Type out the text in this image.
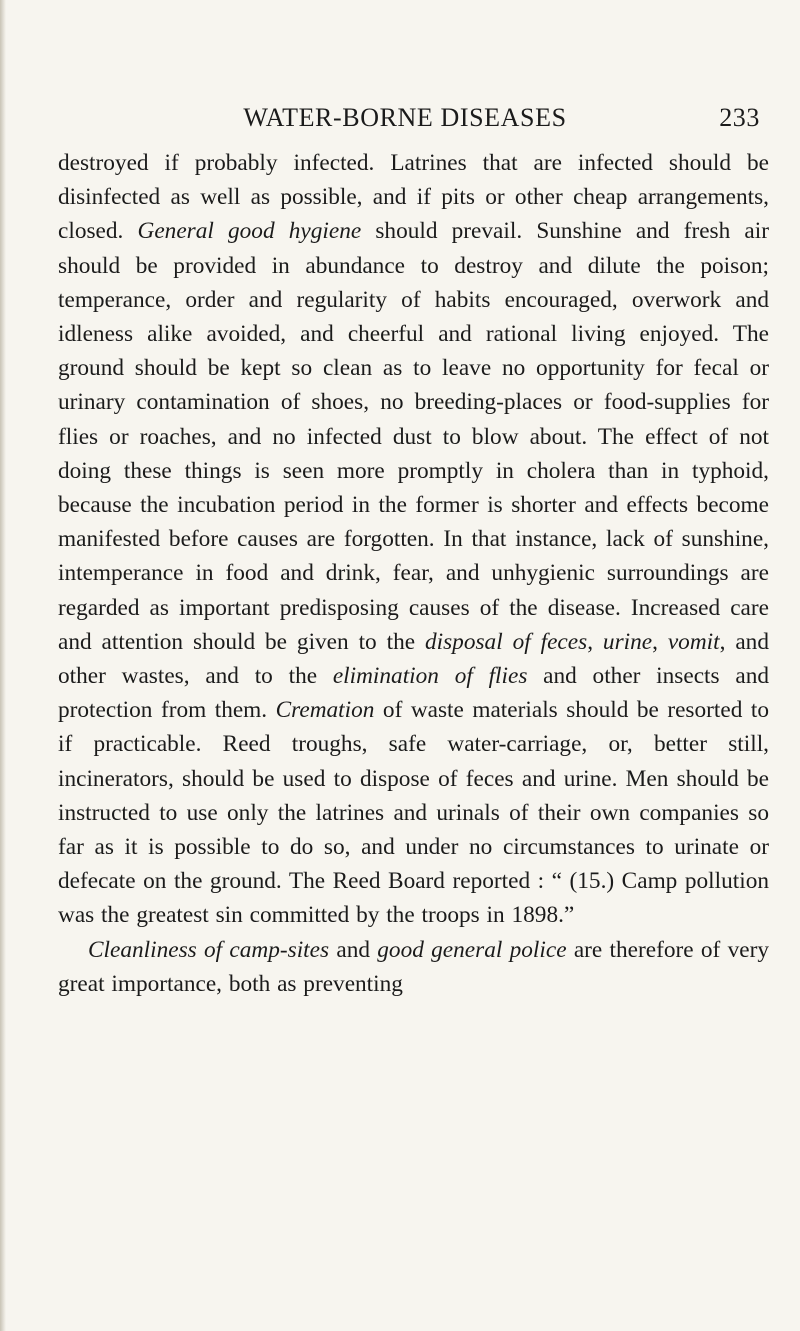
WATER-BORNE DISEASES	233

destroyed if probably infected. Latrines that are infected should be disinfected as well as possible, and if pits or other cheap arrangements, closed. General good hygiene should prevail. Sunshine and fresh air should be provided in abundance to destroy and dilute the poison; temperance, order and regularity of habits encouraged, overwork and idleness alike avoided, and cheerful and rational living enjoyed. The ground should be kept so clean as to leave no opportunity for fecal or urinary contamination of shoes, no breeding-places or food-supplies for flies or roaches, and no infected dust to blow about. The effect of not doing these things is seen more promptly in cholera than in typhoid, because the incubation period in the former is shorter and effects become manifested before causes are forgotten. In that instance, lack of sunshine, intemperance in food and drink, fear, and unhygienic surroundings are regarded as important predisposing causes of the disease. Increased care and attention should be given to the disposal of feces, urine, vomit, and other wastes, and to the elimination of flies and other insects and protection from them. Cremation of waste materials should be resorted to if practicable. Reed troughs, safe water-carriage, or, better still, incinerators, should be used to dispose of feces and urine. Men should be instructed to use only the latrines and urinals of their own companies so far as it is possible to do so, and under no circumstances to urinate or defecate on the ground. The Reed Board reported : “ (15.) Camp pollution was the greatest sin committed by the troops in 1898.”

Cleanliness of camp-sites and good general police are therefore of very great importance, both as preventing
